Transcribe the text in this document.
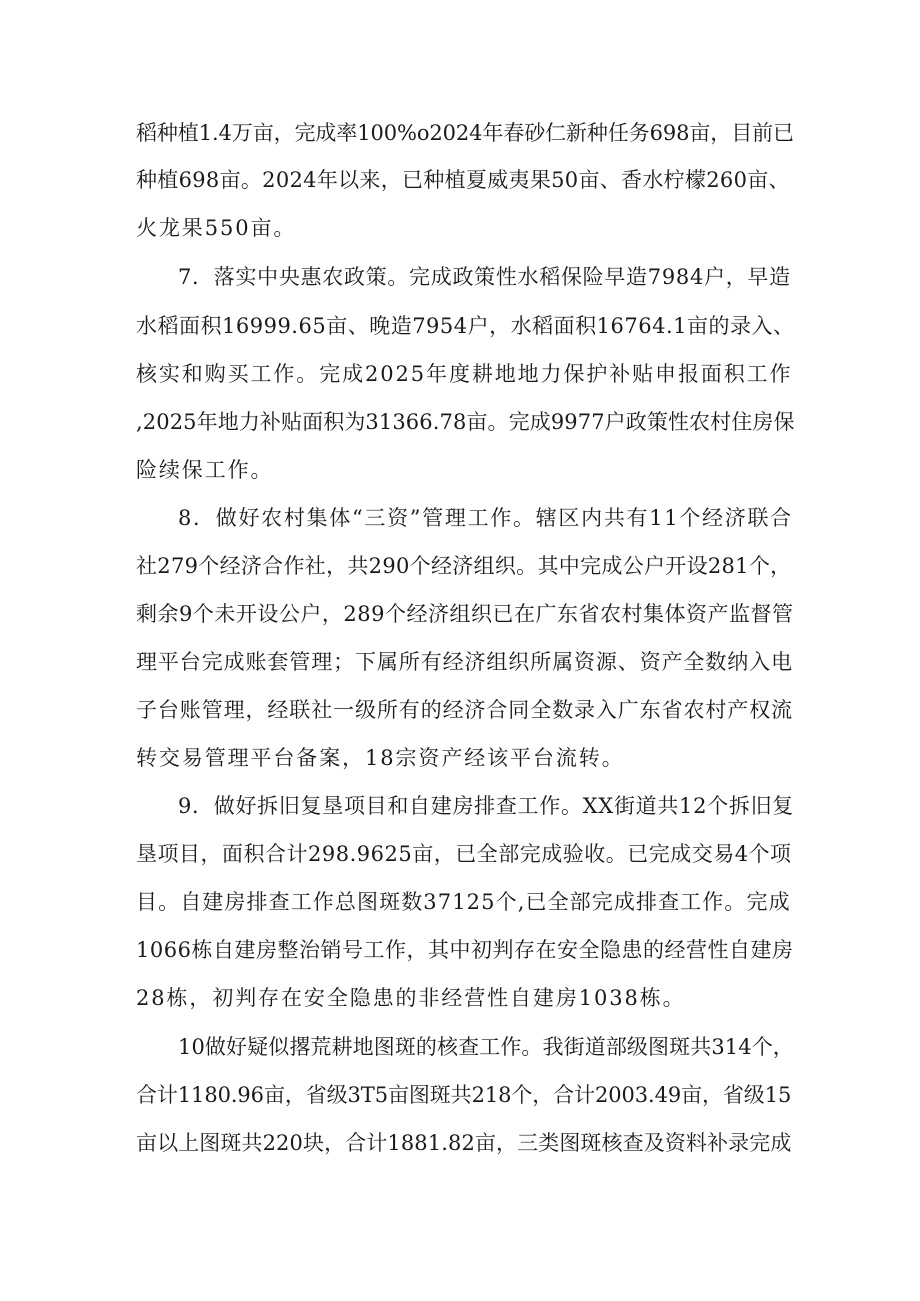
稻种植1.4万亩，完成率100%o2024年春砂仁新种任务698亩，目前已
种植698亩。2024年以来，已种植夏威夷果50亩、香水柠檬260亩、
火龙果550亩。
7．落实中央惠农政策。完成政策性水稻保险早造7984户，早造
水稻面积16999.65亩、晚造7954户，水稻面积16764.1亩的录入、
核实和购买工作。完成2025年度耕地地力保护补贴申报面积工作
,2025年地力补贴面积为31366.78亩。完成9977户政策性农村住房保
险续保工作。
8．做好农村集体“三资”管理工作。辖区内共有11个经济联合
社279个经济合作社，共290个经济组织。其中完成公户开设281个，
剩余9个未开设公户，289个经济组织已在广东省农村集体资产监督管
理平台完成账套管理；下属所有经济组织所属资源、资产全数纳入电
子台账管理，经联社一级所有的经济合同全数录入广东省农村产权流
转交易管理平台备案，18宗资产经该平台流转。
9．做好拆旧复垦项目和自建房排查工作。XX街道共12个拆旧复
垦项目，面积合计298.9625亩，已全部完成验收。已完成交易4个项
目。自建房排查工作总图斑数37125个,已全部完成排查工作。完成
1066栋自建房整治销号工作，其中初判存在安全隐患的经营性自建房
28栋，初判存在安全隐患的非经营性自建房1038栋。
10做好疑似撂荒耕地图斑的核查工作。我街道部级图斑共314个，
合计1180.96亩，省级3T5亩图斑共218个，合计2003.49亩，省级15
亩以上图斑共220块，合计1881.82亩，三类图斑核查及资料补录完成
